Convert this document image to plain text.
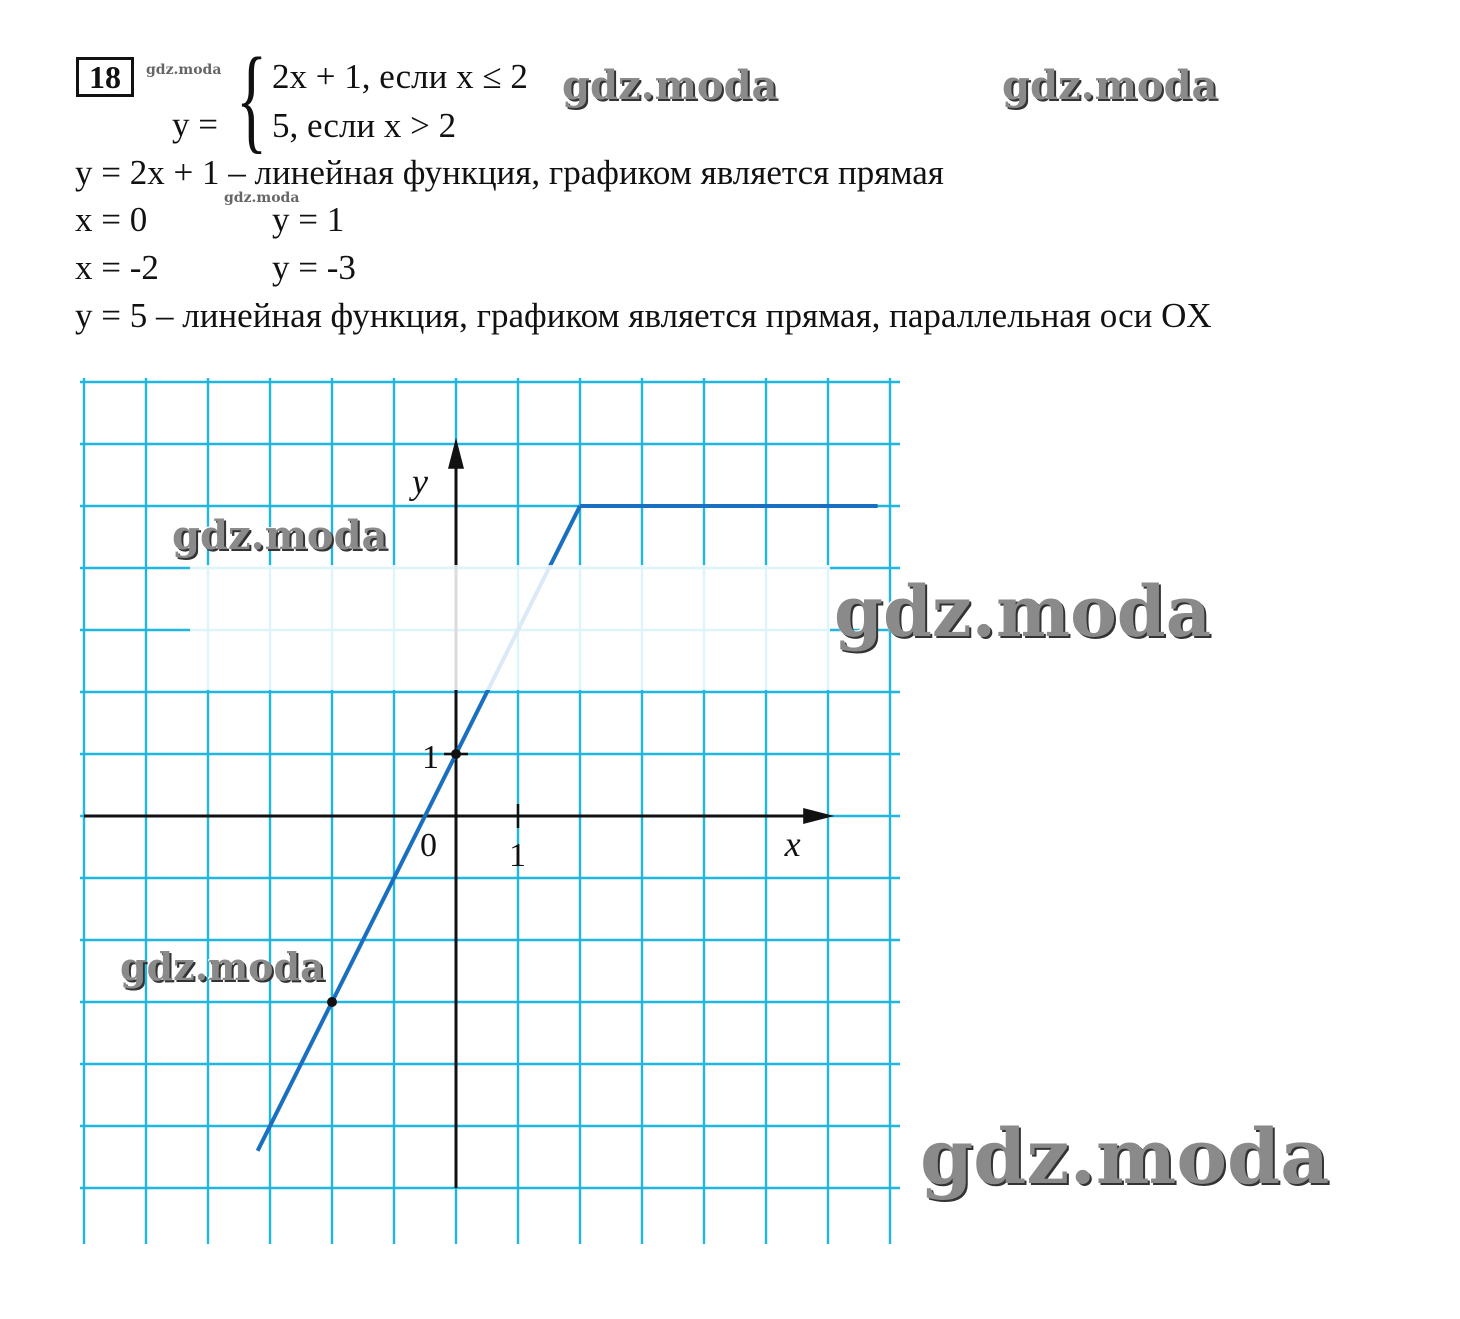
18	gdz.moda
y = { 2x + 1, если x ≤ 2
5, если x > 2
gdz.moda	gdz.moda
y = 2x + 1 – линейная функция, графиком является прямая
gdz.moda
x = 0	y = 1
x = -2	y = -3
y = 5 – линейная функция, графиком является прямая, параллельная оси OX
x
y
0 1
1
gdz.moda
gdz.moda
gdz.moda
gdz.moda
